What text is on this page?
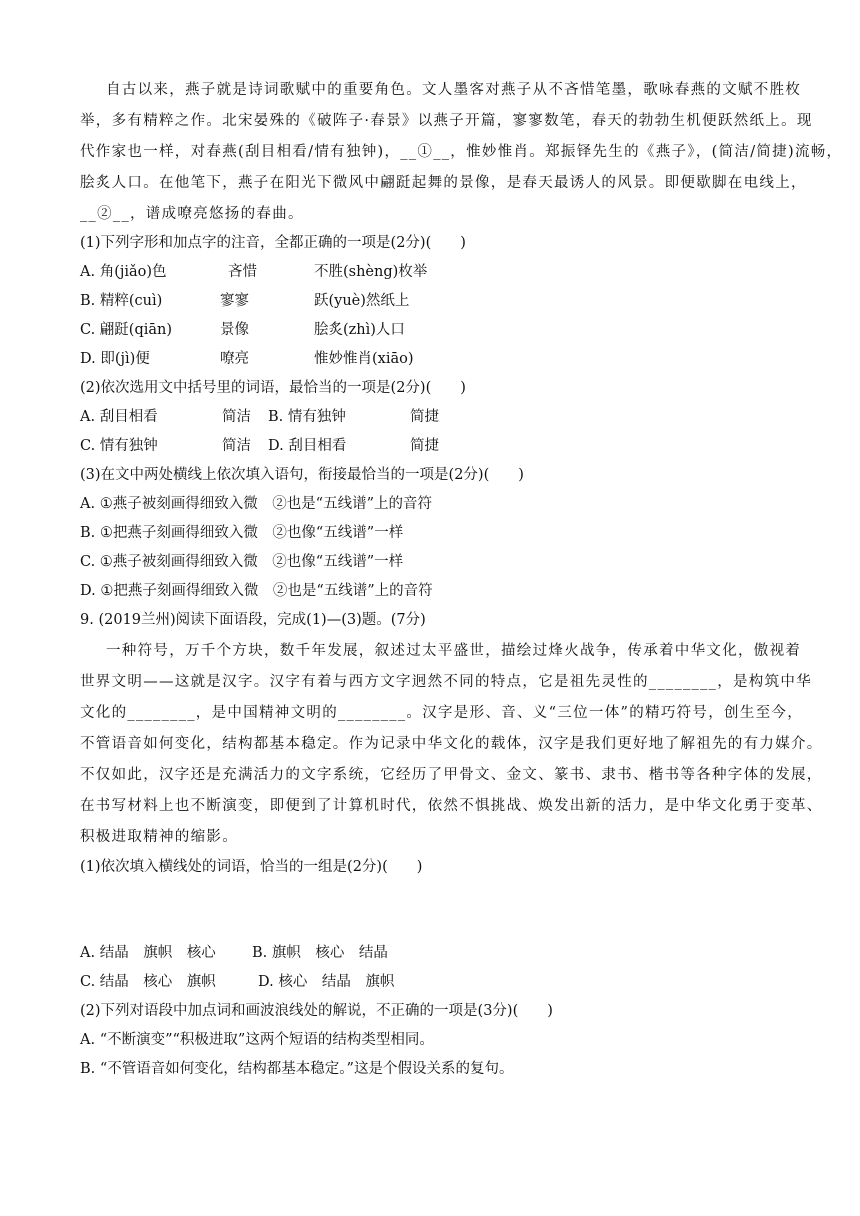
自古以来，燕子就是诗词歌赋中的重要角色。文人墨客对燕子从不吝惜笔墨，歌咏春燕的文赋不胜枚
举，多有精粹之作。北宋晏殊的《破阵子·春景》以燕子开篇，寥寥数笔，春天的勃勃生机便跃然纸上。现
代作家也一样，对春燕(刮目相看/情有独钟)，__①__，惟妙惟肖。郑振铎先生的《燕子》，(简洁/简捷)流畅，
脍炙人口。在他笔下，燕子在阳光下微风中翩跹起舞的景像，是春天最诱人的风景。即便歇脚在电线上，
__②__，谱成嘹亮悠扬的春曲。
(1)下列字形和加点字的注音，全都正确的一项是(2分)(　　)
A. 角(jiǎo)色	吝惜	不胜(shèng)枚举
B. 精粹(cuì)	寥寥	跃(yuè)然纸上
C. 翩跹(qiān)	景像	脍炙(zhì)人口
D. 即(jì)便	嘹亮	惟妙惟肖(xiāo)
(2)依次选用文中括号里的词语，最恰当的一项是(2分)(　　)
A. 刮目相看	简洁 B. 情有独钟	简捷
C. 情有独钟	简洁 D. 刮目相看	简捷
(3)在文中两处横线上依次填入语句，衔接最恰当的一项是(2分)(　　)
A. ①燕子被刻画得细致入微　②也是“五线谱”上的音符
B. ①把燕子刻画得细致入微　②也像“五线谱”一样
C. ①燕子被刻画得细致入微　②也像“五线谱”一样
D. ①把燕子刻画得细致入微　②也是“五线谱”上的音符
9. (2019兰州)阅读下面语段，完成(1)—(3)题。(7分)
一种符号，万千个方块，数千年发展，叙述过太平盛世，描绘过烽火战争，传承着中华文化，傲视着
世界文明——这就是汉字。汉字有着与西方文字迥然不同的特点，它是祖先灵性的________，是构筑中华
文化的________，是中国精神文明的________。汉字是形、音、义“三位一体”的精巧符号，创生至今，
不管语音如何变化，结构都基本稳定。作为记录中华文化的载体，汉字是我们更好地了解祖先的有力媒介。
不仅如此，汉字还是充满活力的文字系统，它经历了甲骨文、金文、篆书、隶书、楷书等各种字体的发展，
在书写材料上也不断演变，即便到了计算机时代，依然不惧挑战、焕发出新的活力，是中华文化勇于变革、
积极进取精神的缩影。
(1)依次填入横线处的词语，恰当的一组是(2分)(　　)
A. 结晶　旗帜　核心	B. 旗帜　核心　结晶
C. 结晶　核心　旗帜	D. 核心　结晶　旗帜
(2)下列对语段中加点词和画波浪线处的解说，不正确的一项是(3分)(　　)
A. “不断演变”“积极进取”这两个短语的结构类型相同。
B. “不管语音如何变化，结构都基本稳定。”这是个假设关系的复句。
